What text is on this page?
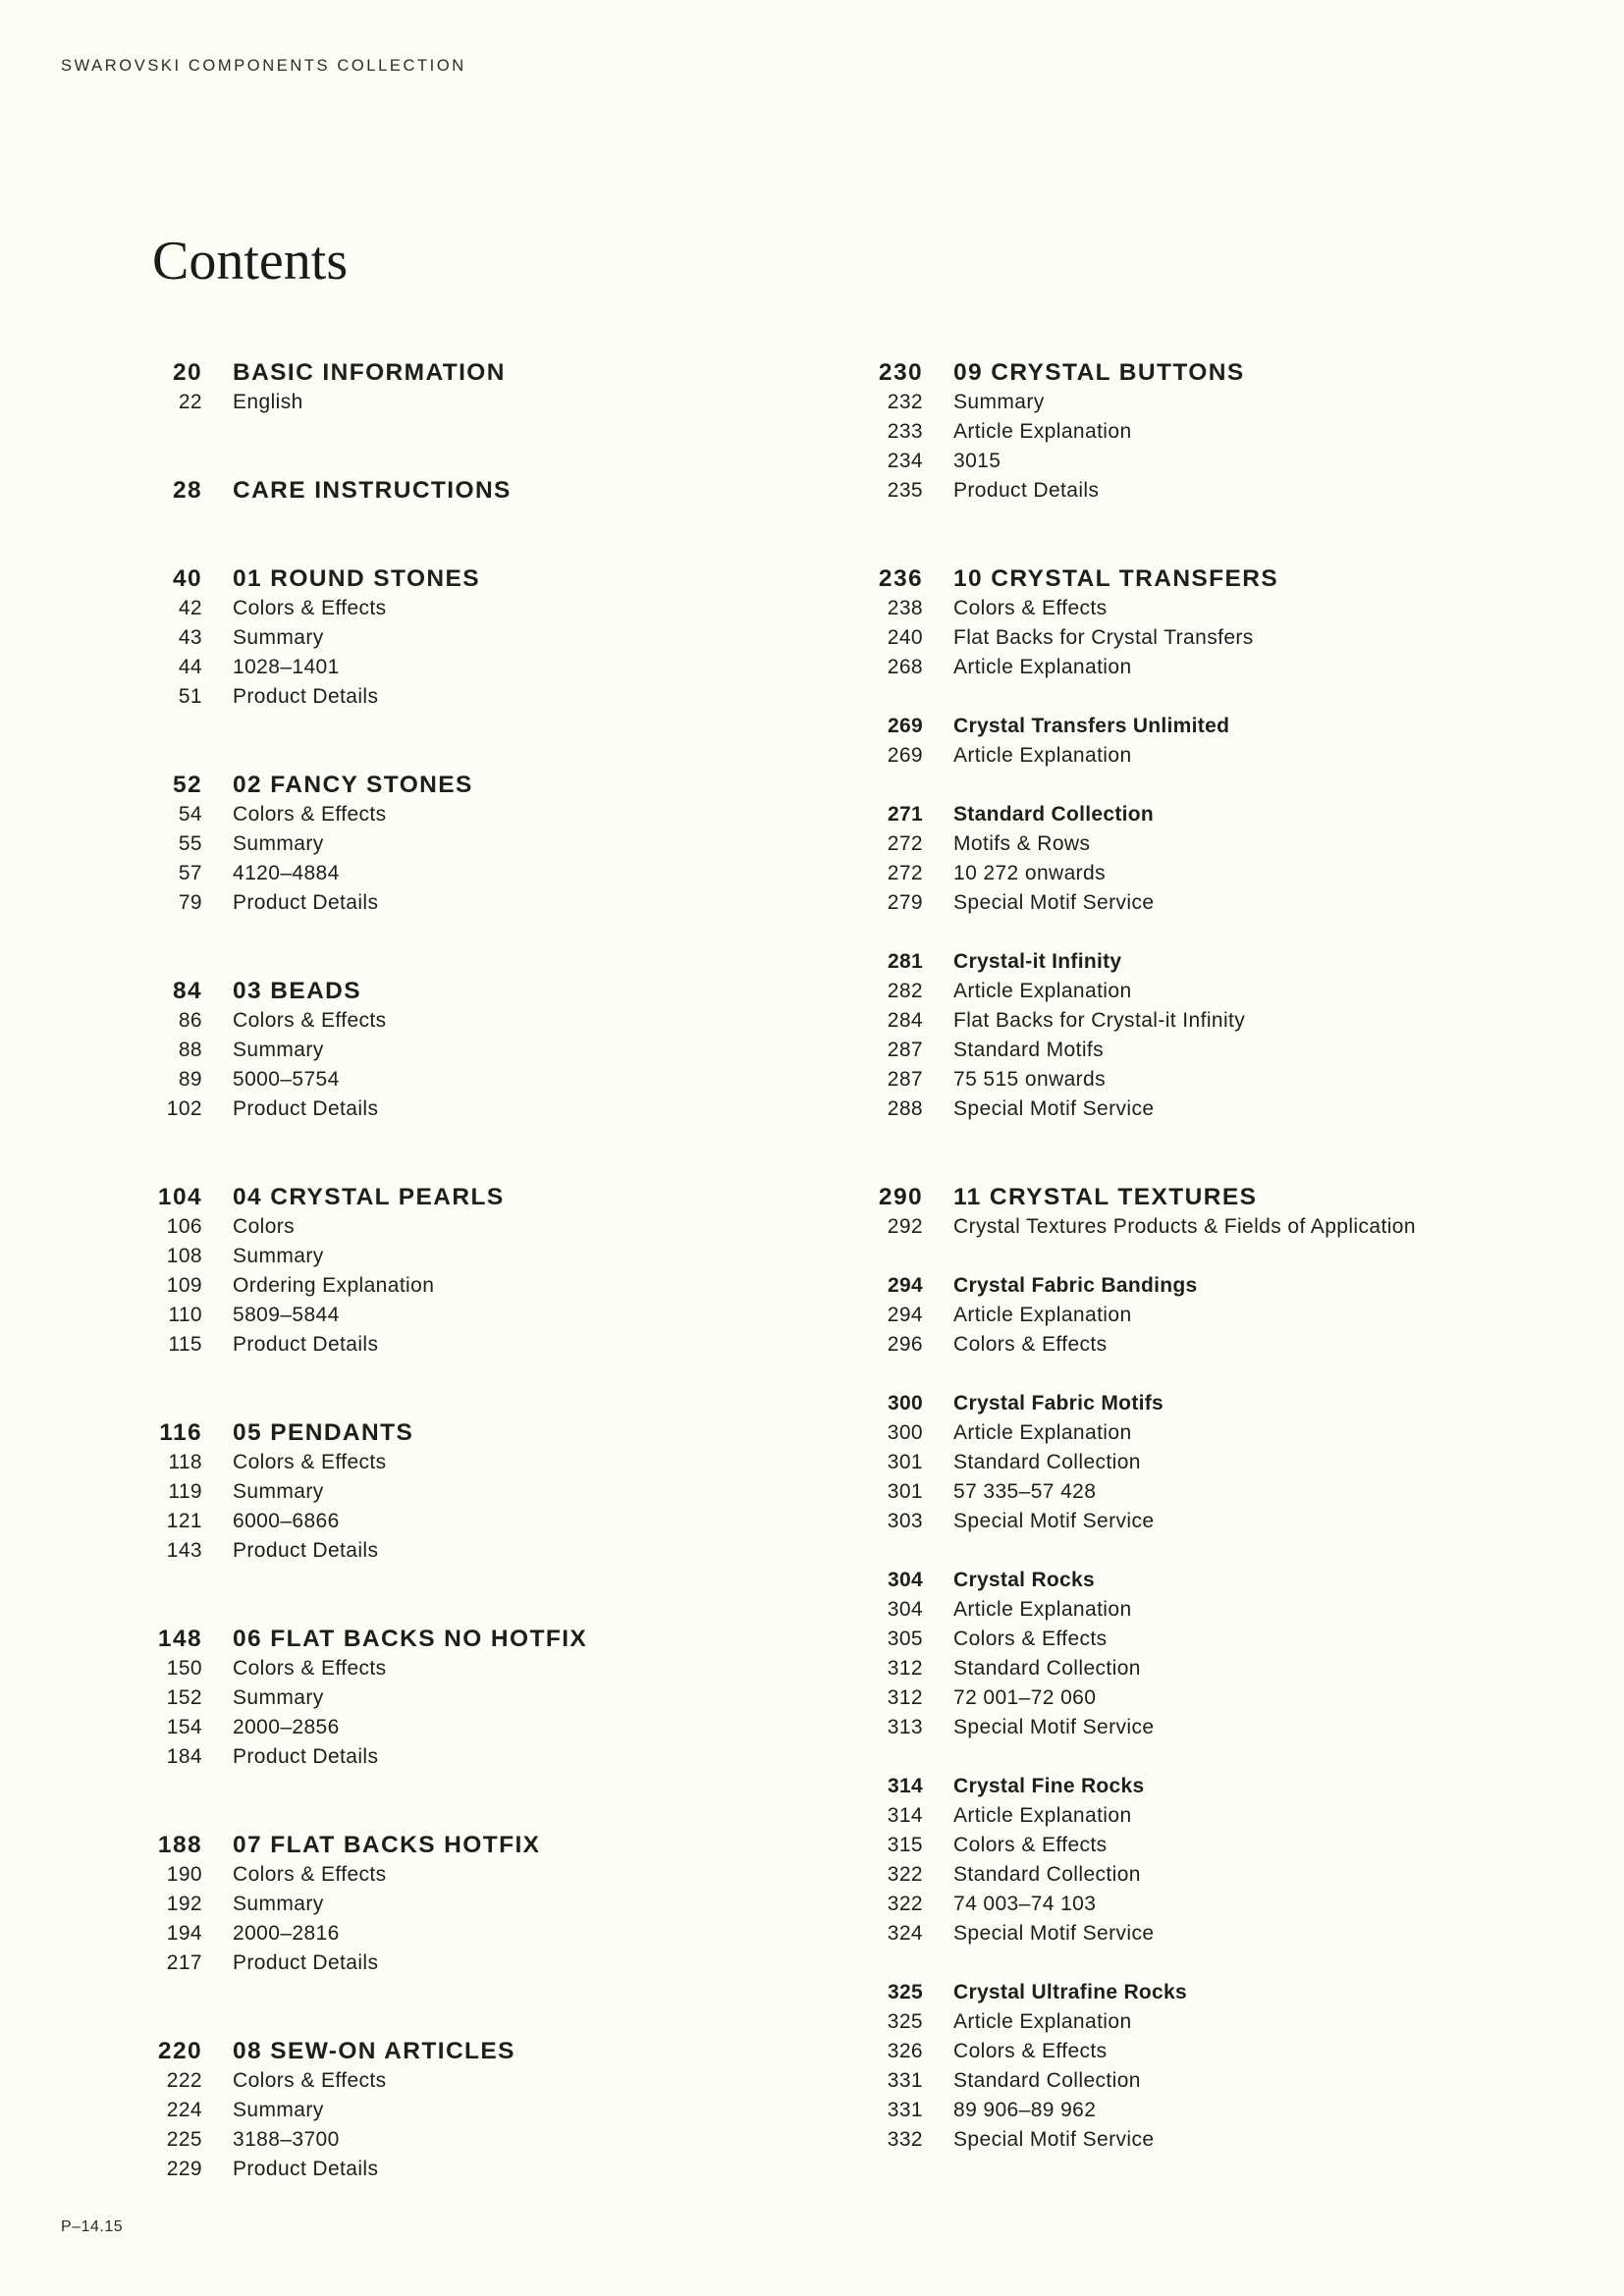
SWAROVSKI COMPONENTS COLLECTION
Contents
20	BASIC INFORMATION
22	English
28	CARE INSTRUCTIONS
40	01 ROUND STONES
42	Colors & Effects
43	Summary
44	1028–1401
51	Product Details
52	02 FANCY STONES
54	Colors & Effects
55	Summary
57	4120–4884
79	Product Details
84	03 BEADS
86	Colors & Effects
88	Summary
89	5000–5754
102	Product Details
104	04 CRYSTAL PEARLS
106	Colors
108	Summary
109	Ordering Explanation
110	5809–5844
115	Product Details
116	05 PENDANTS
118	Colors & Effects
119	Summary
121	6000–6866
143	Product Details
148	06 FLAT BACKS NO HOTFIX
150	Colors & Effects
152	Summary
154	2000–2856
184	Product Details
188	07 FLAT BACKS HOTFIX
190	Colors & Effects
192	Summary
194	2000–2816
217	Product Details
220	08 SEW-ON ARTICLES
222	Colors & Effects
224	Summary
225	3188–3700
229	Product Details
230	09 CRYSTAL BUTTONS
232	Summary
233	Article Explanation
234	3015
235	Product Details
236	10 CRYSTAL TRANSFERS
238	Colors & Effects
240	Flat Backs for Crystal Transfers
268	Article Explanation
269	Crystal Transfers Unlimited
269	Article Explanation
271	Standard Collection
272	Motifs & Rows
272	10 272 onwards
279	Special Motif Service
281	Crystal-it Infinity
282	Article Explanation
284	Flat Backs for Crystal-it Infinity
287	Standard Motifs
287	75 515 onwards
288	Special Motif Service
290	11 CRYSTAL TEXTURES
292	Crystal Textures Products & Fields of Application
294	Crystal Fabric Bandings
294	Article Explanation
296	Colors & Effects
300	Crystal Fabric Motifs
300	Article Explanation
301	Standard Collection
301	57 335–57 428
303	Special Motif Service
304	Crystal Rocks
304	Article Explanation
305	Colors & Effects
312	Standard Collection
312	72 001–72 060
313	Special Motif Service
314	Crystal Fine Rocks
314	Article Explanation
315	Colors & Effects
322	Standard Collection
322	74 003–74 103
324	Special Motif Service
325	Crystal Ultrafine Rocks
325	Article Explanation
326	Colors & Effects
331	Standard Collection
331	89 906–89 962
332	Special Motif Service
P–14.15
